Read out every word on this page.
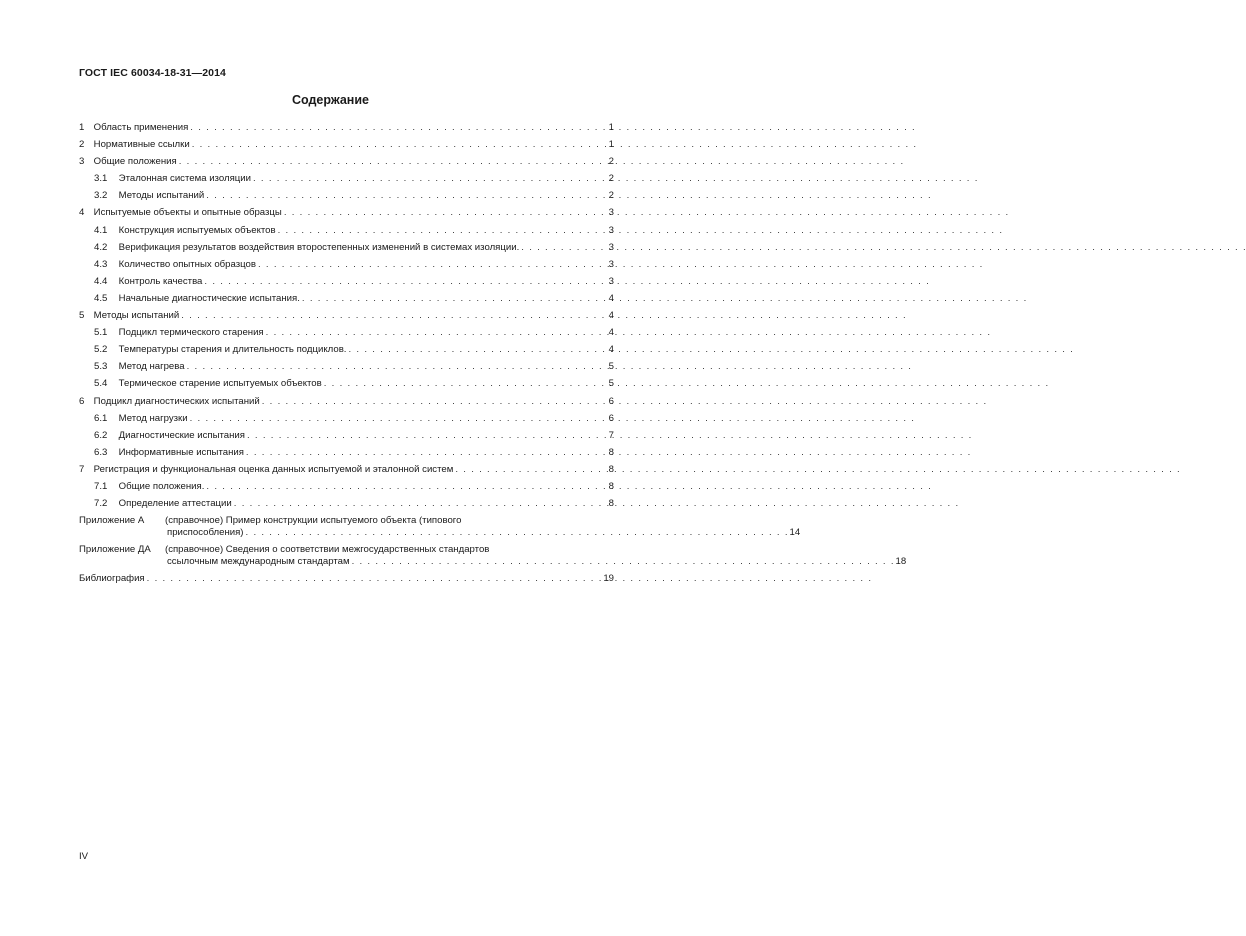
ГОСТ IEC 60034-18-31—2014
Содержание
1 Область применения . . .	1
2 Нормативные ссылки . . .	1
3 Общие положения . . .	2
3.1 Эталонная система изоляции . . .	2
3.2 Методы испытаний . . .	2
4 Испытуемые объекты и опытные образцы . . .	3
4.1 Конструкция испытуемых объектов . . .	3
4.2 Верификация результатов воздействия второстепенных изменений в системах изоляции. . . .	3
4.3 Количество опытных образцов . . .	3
4.4 Контроль качества . . .	3
4.5 Начальные диагностические испытания. . . .	4
5 Методы испытаний . . .	4
5.1 Подцикл термического старения . . .	4
5.2 Температуры старения и длительность подциклов. . . .	4
5.3 Метод нагрева . . .	5
5.4 Термическое старение испытуемых объектов . . .	5
6 Подцикл диагностических испытаний . . .	6
6.1 Метод нагрузки . . .	6
6.2 Диагностические испытания . . .	7
6.3 Информативные испытания . . .	8
7 Регистрация и функциональная оценка данных испытуемой и эталонной систем . . .	8
7.1 Общие положения. . . .	8
7.2 Определение аттестации . . .	8
Приложение А	(справочное) Пример конструкции испытуемого объекта (типового
приспособления) . . .	14
Приложение ДА	(справочное) Сведения о соответствии межгосударственных стандартов
ссылочным международным стандартам . . .	18
Библиография . . .	19
IV
